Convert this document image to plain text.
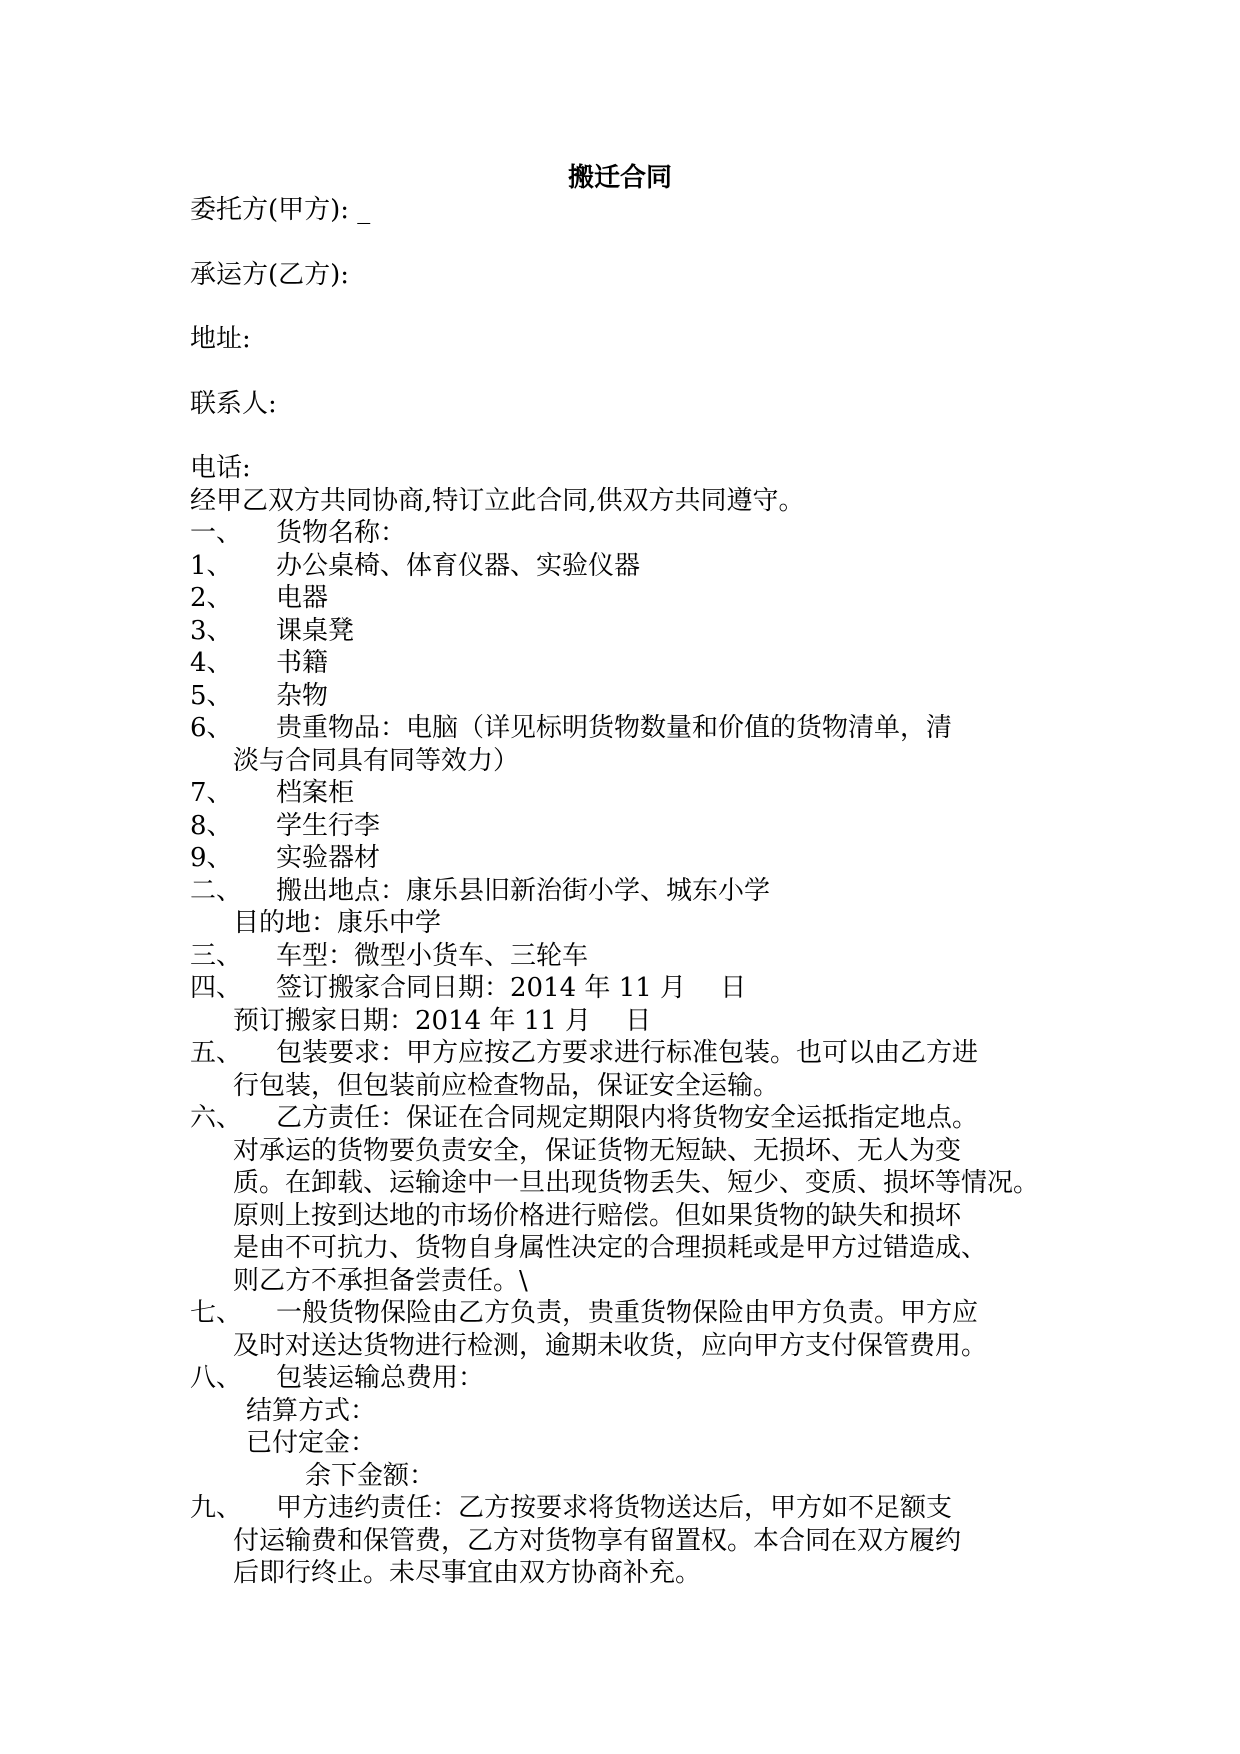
搬迁合同
委托方(甲方): _
承运方(乙方):
地址:
联系人:
电话:
经甲乙双方共同协商,特订立此合同,供双方共同遵守。
一、 货物名称：
1、 办公桌椅、体育仪器、实验仪器
2、 电器
3、 课桌凳
4、 书籍
5、 杂物
6、 贵重物品：电脑（详见标明货物数量和价值的货物清单，清
淡与合同具有同等效力）
7、 档案柜
8、 学生行李
9、 实验器材
二、 搬出地点：康乐县旧新治街小学、城东小学
目的地：康乐中学
三、 车型：微型小货车、三轮车
四、 签订搬家合同日期：2014 年 11 月　 日
预订搬家日期：2014 年 11 月　 日
五、 包装要求：甲方应按乙方要求进行标准包装。也可以由乙方进
行包装，但包装前应检查物品，保证安全运输。
六、 乙方责任：保证在合同规定期限内将货物安全运抵指定地点。
对承运的货物要负责安全，保证货物无短缺、无损坏、无人为变
质。在卸载、运输途中一旦出现货物丢失、短少、变质、损坏等情况。
原则上按到达地的市场价格进行赔偿。但如果货物的缺失和损坏
是由不可抗力、货物自身属性决定的合理损耗或是甲方过错造成、
则乙方不承担备尝责任。\
七、 一般货物保险由乙方负责，贵重货物保险由甲方负责。甲方应
及时对送达货物进行检测，逾期未收货，应向甲方支付保管费用。
八、 包装运输总费用：
结算方式：
已付定金：
余下金额：
九、 甲方违约责任：乙方按要求将货物送达后，甲方如不足额支
付运输费和保管费，乙方对货物享有留置权。本合同在双方履约
后即行终止。未尽事宜由双方协商补充。
